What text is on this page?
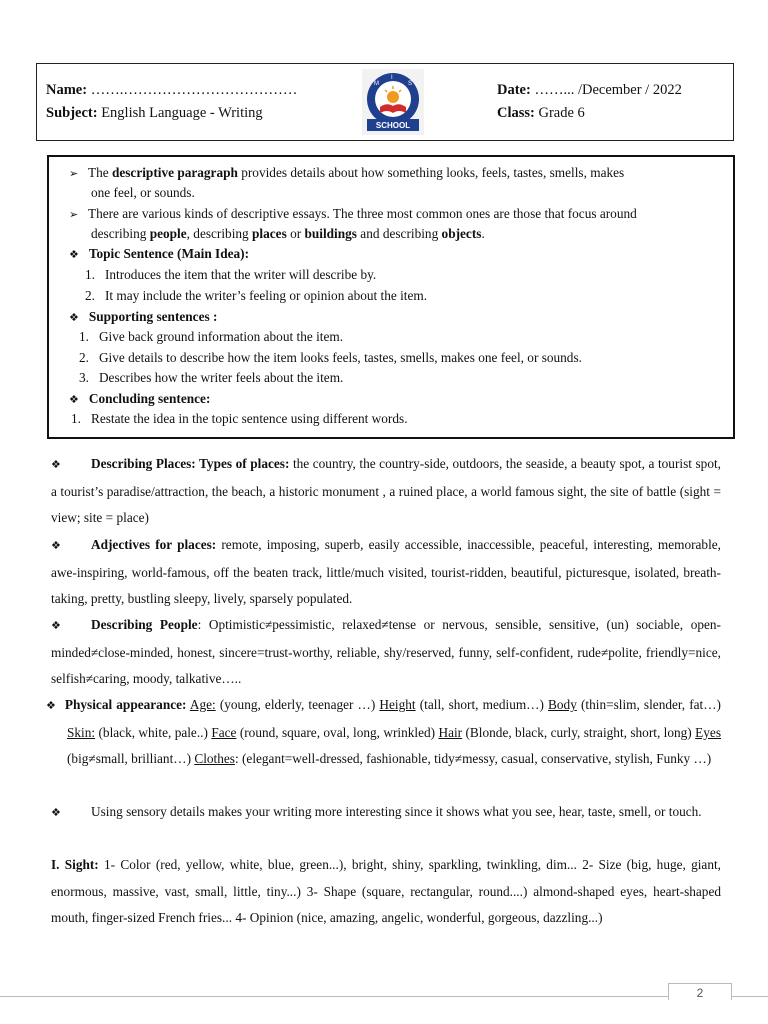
Name: …….………………………………
Subject: English Language - Writing
Date: ……... /December / 2022
Class: Grade 6
M
I
S
SCHOOL
➢ The descriptive paragraph provides details about how something looks, feels, tastes, smells, makes
one feel, or sounds.
➢ There are various kinds of descriptive essays. The three most common ones are those that focus around
describing people, describing places or buildings and describing objects.
❖ Topic Sentence (Main Idea):
1.   Introduces the item that the writer will describe by.
2.   It may include the writer’s feeling or opinion about the item.
❖ Supporting sentences :
1.   Give back ground information about the item.
2.   Give details to describe how the item looks feels, tastes, smells, makes one feel, or sounds.
3.   Describes how the writer feels about the item.
❖ Concluding sentence:
1.   Restate the idea in the topic sentence using different words.
❖ Describing Places: Types of places: the country, the country-side, outdoors, the seaside, a beauty spot, a tourist spot, a tourist’s paradise/attraction, the beach, a historic monument , a ruined place, a world famous sight, the site of battle (sight = view; site = place)
❖ Adjectives for places: remote, imposing, superb, easily accessible, inaccessible, peaceful, interesting, memorable, awe-inspiring, world-famous, off the beaten track, little/much visited, tourist-ridden, beautiful, picturesque, isolated, breath-taking, pretty, bustling sleepy, lively, sparsely populated.
❖ Describing People: Optimistic≠pessimistic, relaxed≠tense or nervous, sensible, sensitive, (un) sociable, open-minded≠close-minded, honest, sincere=trust-worthy, reliable, shy/reserved, funny, self-confident, rude≠polite, friendly=nice, selfish≠caring, moody, talkative…..
❖ Physical appearance: Age: (young, elderly, teenager …) Height (tall, short, medium…) Body (thin=slim, slender, fat…) Skin: (black, white, pale..) Face (round, square, oval, long, wrinkled) Hair (Blonde, black, curly, straight, short, long) Eyes (big≠small, brilliant…) Clothes: (elegant=well-dressed, fashionable, tidy≠messy, casual, conservative, stylish, Funky …)
❖ Using sensory details makes your writing more interesting since it shows what you see, hear, taste, smell, or touch.
I. Sight: 1- Color (red, yellow, white, blue, green...), bright, shiny, sparkling, twinkling, dim... 2- Size (big, huge, giant, enormous, massive, vast, small, little, tiny...) 3- Shape (square, rectangular, round....) almond-shaped eyes, heart-shaped mouth, finger-sized French fries... 4- Opinion (nice, amazing, angelic, wonderful, gorgeous, dazzling...)
2
